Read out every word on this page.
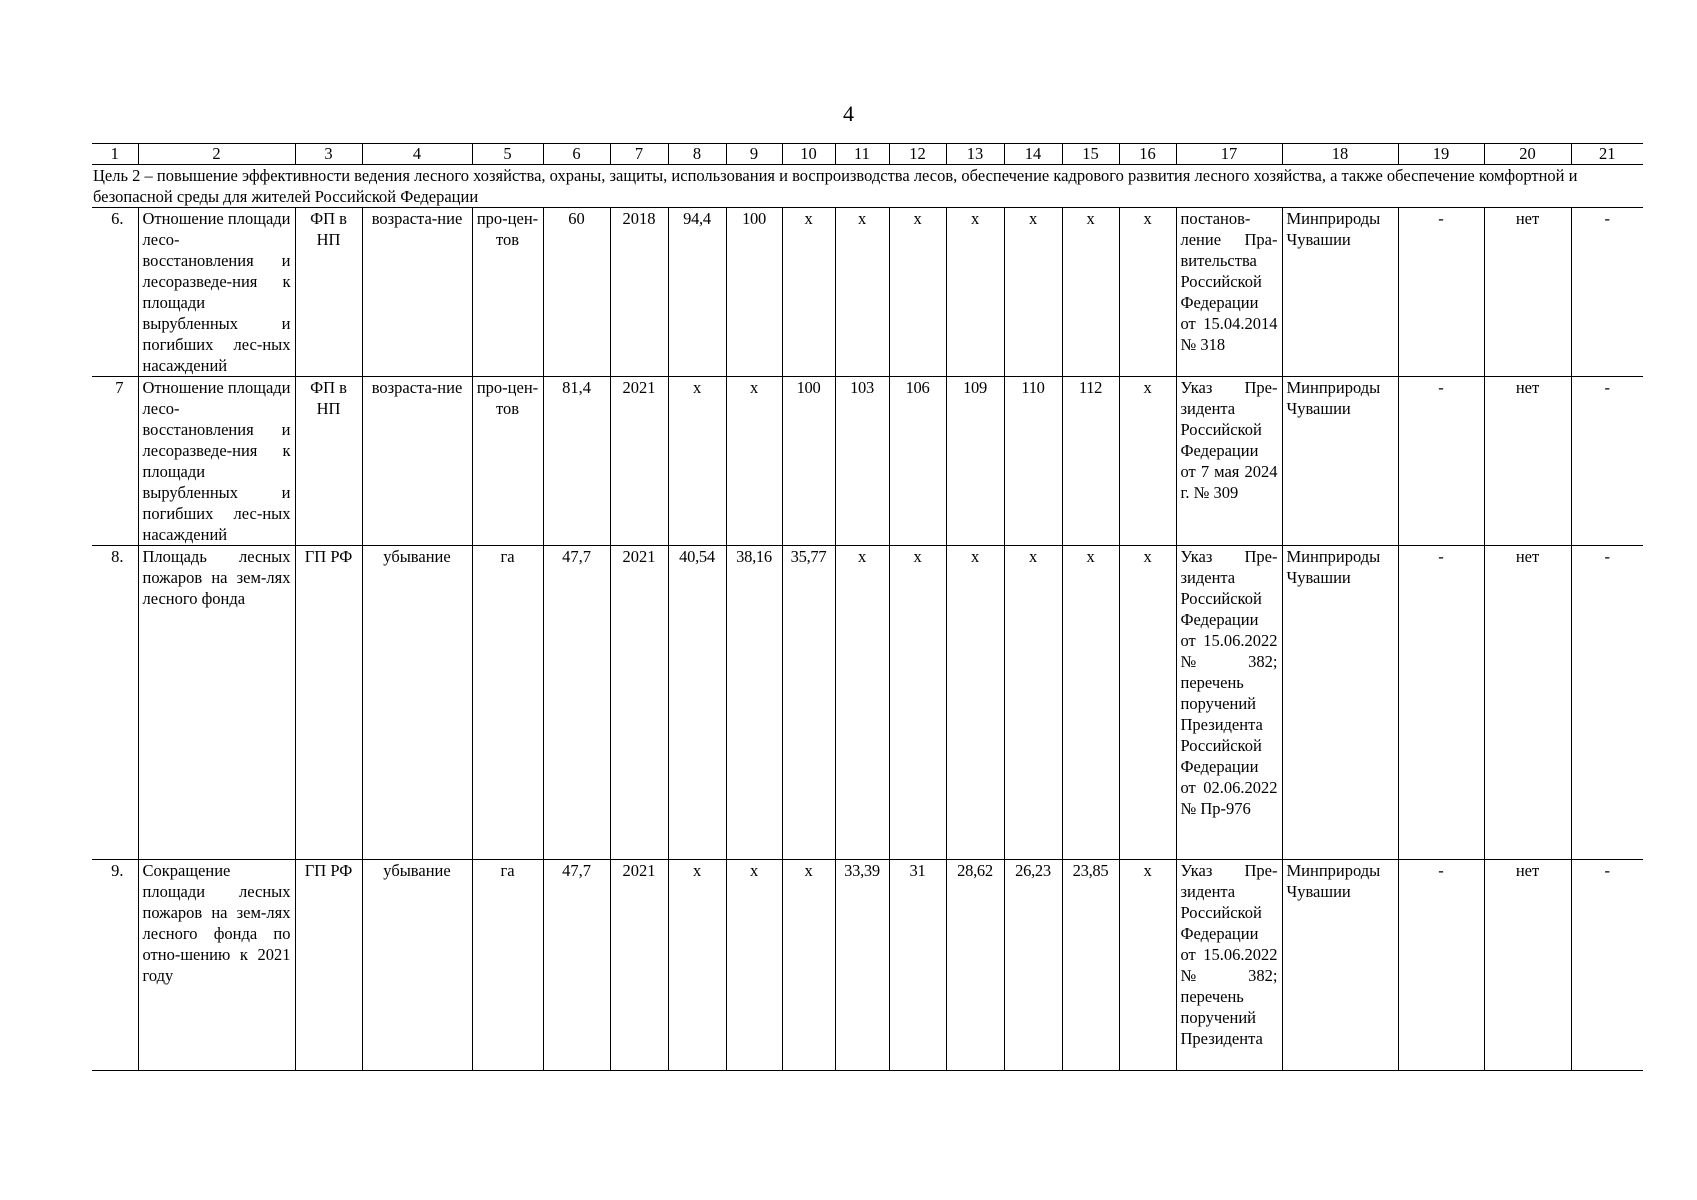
4
1	2	3	4	5	6	7	8	9	10	11	12	13	14	15	16	17	18	19	20	21
Цель 2 – повышение эффективности ведения лесного хозяйства, охраны, защиты, использования и воспроизводства лесов, обеспечение кадрового развития лесного хозяйства, а также обеспечение комфортной и безопасной среды для жителей Российской Федерации																				
6.	Отношение площади лесо-восстановления и лесоразведе-ния к площади вырубленных и погибших лес-ных насаждений	ФП в НП	возраста-ние	про-цен-тов	60	2018	94,4	100	х	х	х	х	х	х	х	постанов-ление Пра-вительства Российской Федерации от 15.04.2014 № 318	Минприроды Чувашии	-	нет	-
7	Отношение площади лесо-восстановления и лесоразведе-ния к площади вырубленных и погибших лес-ных насаждений	ФП в НП	возраста-ние	про-цен-тов	81,4	2021	х	х	100	103	106	109	110	112	х	Указ Пре-зидента Российской Федерации от 7 мая 2024 г. № 309	Минприроды Чувашии	-	нет	-
8.	Площадь лесных пожаров на зем-лях лесного фонда	ГП РФ	убывание	га	47,7	2021	40,54	38,16	35,77	х	х	х	х	х	х	Указ Пре-зидента Российской Федерации от 15.06.2022 № 382; перечень поручений Президента Российской Федерации от 02.06.2022 № Пр-976	Минприроды Чувашии	-	нет	-
9.	Сокращение площади лесных пожаров на зем-лях лесного фонда по отно-шению к 2021 году	ГП РФ	убывание	га	47,7	2021	х	х	х	33,39	31	28,62	26,23	23,85	х	Указ Пре-зидента Российской Федерации от 15.06.2022 № 382; перечень поручений Президента	Минприроды Чувашии	-	нет	-
